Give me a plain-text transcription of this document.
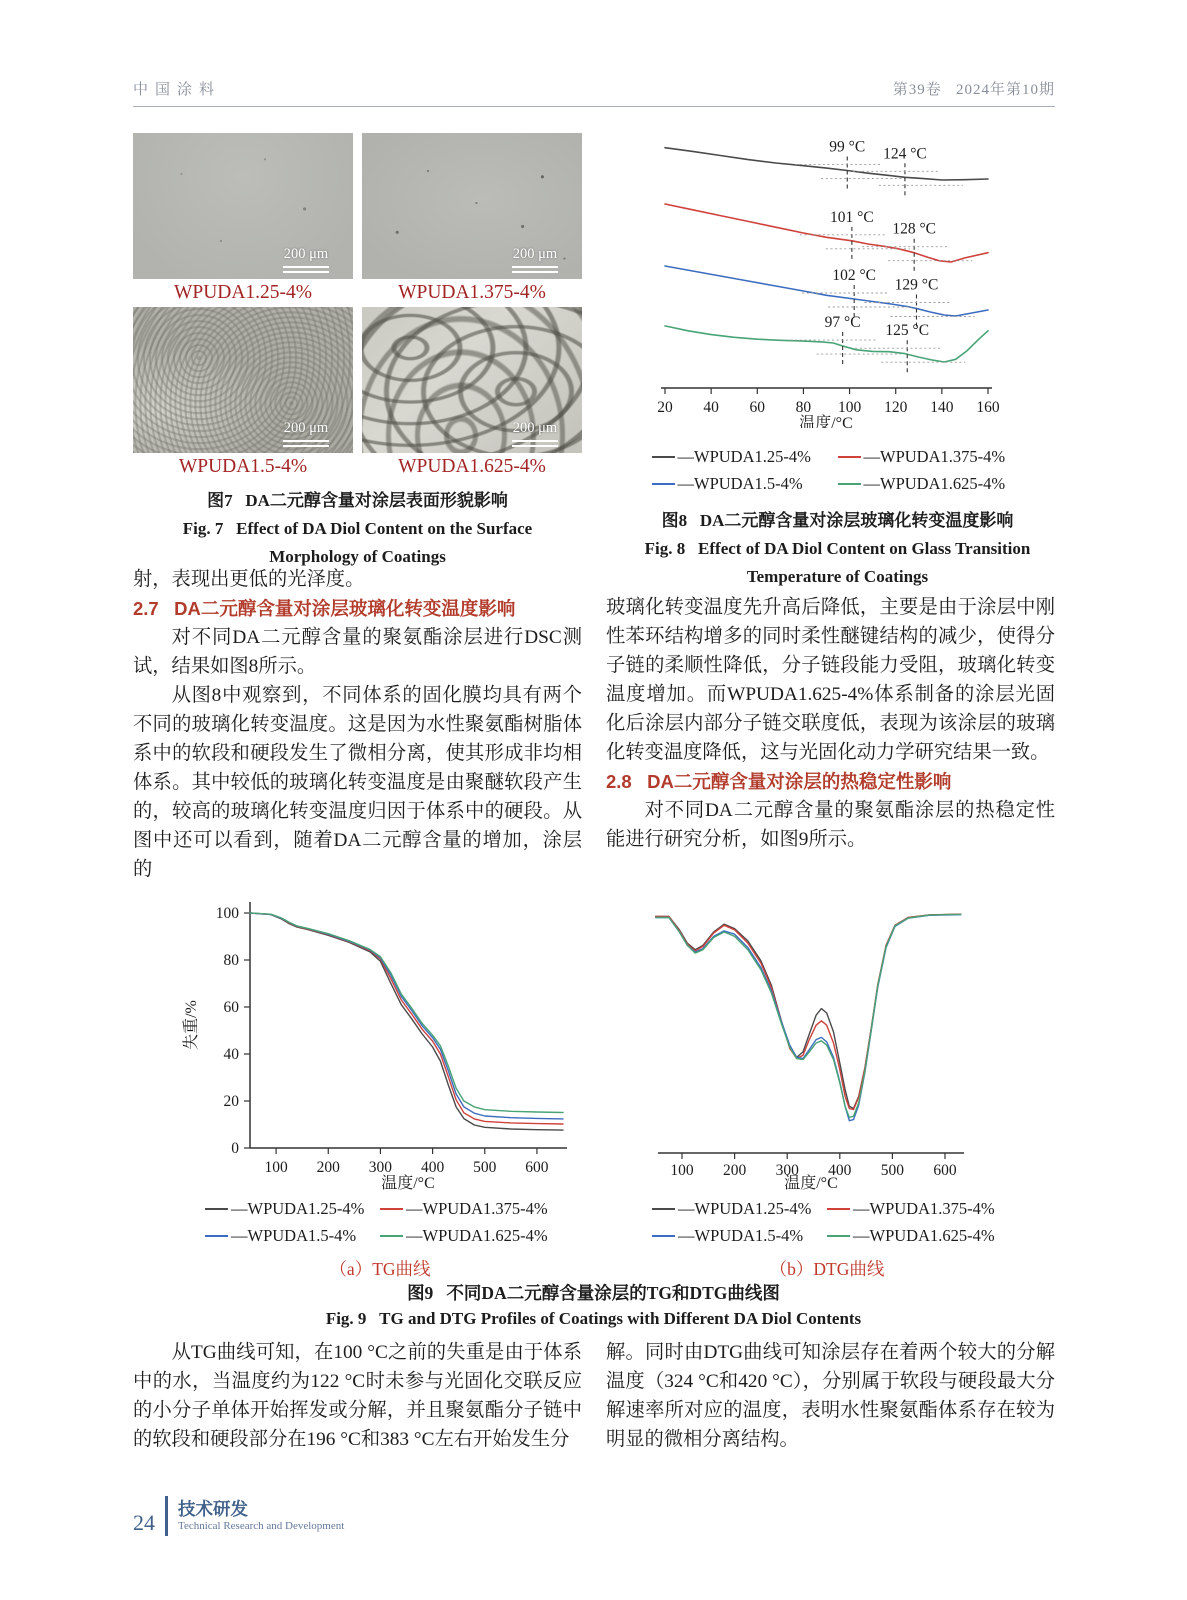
中国涂料	第39卷   2024年第10期
200 μm
WPUDA1.25-4%
200 μm
WPUDA1.375-4%
200 μm
WPUDA1.5-4%
200 μm
WPUDA1.625-4%
图7   DA二元醇含量对涂层表面形貌影响
Fig. 7   Effect of DA Diol Content on the Surface
Morphology of Coatings
20 40 60 80 100 120 140 160
温度/°C
99 °C 124 °C
101 °C
128 °C
102 °C
129 °C
97 °C 125 °C
—WPUDA1.25-4%	—WPUDA1.375-4%
—WPUDA1.5-4%	—WPUDA1.625-4%
图8   DA二元醇含量对涂层玻璃化转变温度影响
Fig. 8   Effect of DA Diol Content on Glass Transition
Temperature of Coatings

射，表现出更低的光泽度。

2.7   DA二元醇含量对涂层玻璃化转变温度影响

对不同DA二元醇含量的聚氨酯涂层进行DSC测试，结果如图8所示。

从图8中观察到，不同体系的固化膜均具有两个不同的玻璃化转变温度。这是因为水性聚氨酯树脂体系中的软段和硬段发生了微相分离，使其形成非均相体系。其中较低的玻璃化转变温度是由聚醚软段产生的，较高的玻璃化转变温度归因于体系中的硬段。从图中还可以看到，随着DA二元醇含量的增加，涂层的

玻璃化转变温度先升高后降低，主要是由于涂层中刚性苯环结构增多的同时柔性醚键结构的减少，使得分子链的柔顺性降低，分子链段能力受阻，玻璃化转变温度增加。而WPUDA1.625-4%体系制备的涂层光固化后涂层内部分子链交联度低，表现为该涂层的玻璃化转变温度降低，这与光固化动力学研究结果一致。

2.8   DA二元醇含量对涂层的热稳定性影响

对不同DA二元醇含量的聚氨酯涂层的热稳定性能进行研究分析，如图9所示。

0
20
40
60
80
100
100 200 300 400 500 600
失重/%
温度/°C
—WPUDA1.25-4%	—WPUDA1.375-4%
—WPUDA1.5-4%	—WPUDA1.625-4%
（a）TG曲线
100 200 300 400 500 600
温度/°C
—WPUDA1.25-4%	—WPUDA1.375-4%
—WPUDA1.5-4%	—WPUDA1.625-4%
（b）DTG曲线
图9   不同DA二元醇含量涂层的TG和DTG曲线图
Fig. 9   TG and DTG Profiles of Coatings with Different DA Diol Contents

从TG曲线可知，在100 °C之前的失重是由于体系中的水，当温度约为122 °C时未参与光固化交联反应的小分子单体开始挥发或分解，并且聚氨酯分子链中的软段和硬段部分在196 °C和383 °C左右开始发生分

解。同时由DTG曲线可知涂层存在着两个较大的分解温度（324 °C和420 °C），分别属于软段与硬段最大分解速率所对应的温度，表明水性聚氨酯体系存在较为明显的微相分离结构。

24
技术研发
Technical Research and Development
